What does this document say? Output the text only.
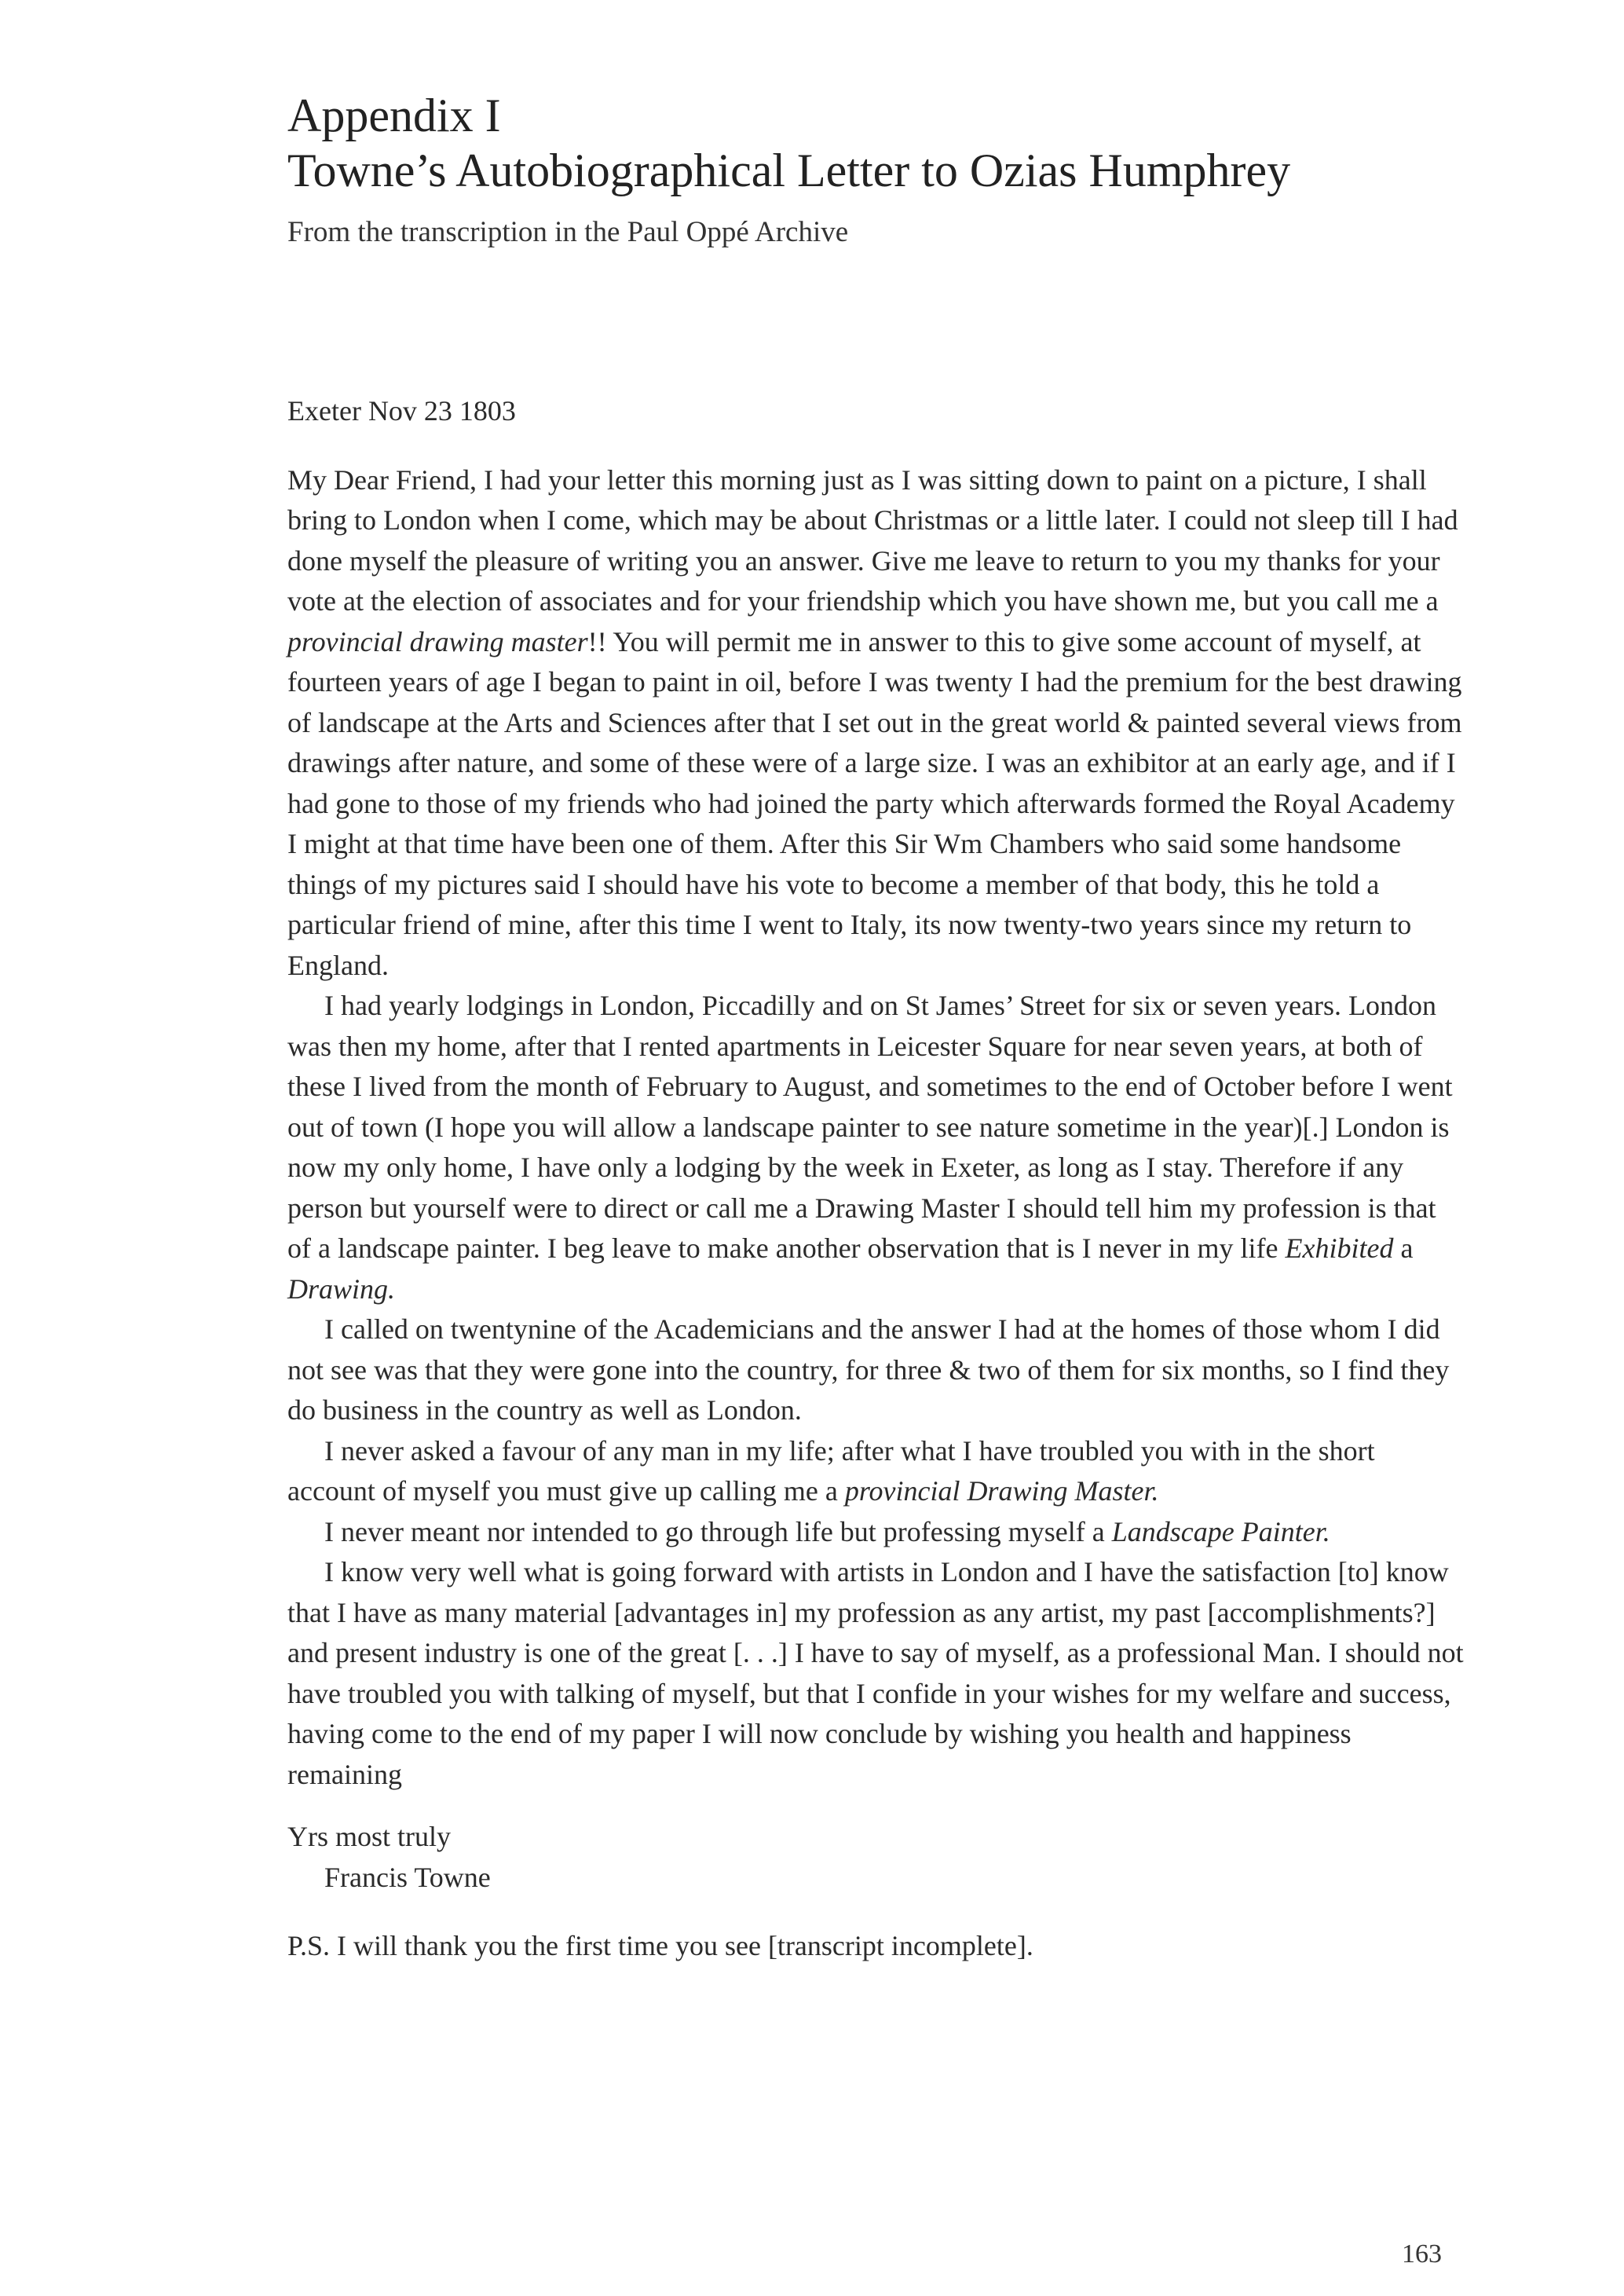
Appendix I
Towne’s Autobiographical Letter to Ozias Humphrey
From the transcription in the Paul Oppé Archive
Exeter Nov 23 1803

My Dear Friend, I had your letter this morning just as I was sitting down to paint on a picture, I shall bring to London when I come, which may be about Christmas or a little later. I could not sleep till I had done myself the pleasure of writing you an answer. Give me leave to return to you my thanks for your vote at the election of associates and for your friendship which you have shown me, but you call me a provincial drawing master!! You will permit me in answer to this to give some account of myself, at fourteen years of age I began to paint in oil, before I was twenty I had the premium for the best drawing of landscape at the Arts and Sciences after that I set out in the great world & painted several views from drawings after nature, and some of these were of a large size. I was an exhibitor at an early age, and if I had gone to those of my friends who had joined the party which afterwards formed the Royal Academy I might at that time have been one of them. After this Sir Wm Chambers who said some handsome things of my pictures said I should have his vote to become a member of that body, this he told a particular friend of mine, after this time I went to Italy, its now twenty-two years since my return to England.

I had yearly lodgings in London, Piccadilly and on St James’ Street for six or seven years. London was then my home, after that I rented apartments in Leicester Square for near seven years, at both of these I lived from the month of February to August, and sometimes to the end of October before I went out of town (I hope you will allow a landscape painter to see nature sometime in the year)[.] London is now my only home, I have only a lodging by the week in Exeter, as long as I stay. Therefore if any person but yourself were to direct or call me a Drawing Master I should tell him my profession is that of a landscape painter. I beg leave to make another observation that is I never in my life Exhibited a Drawing.

I called on twentynine of the Academicians and the answer I had at the homes of those whom I did not see was that they were gone into the country, for three & two of them for six months, so I find they do business in the country as well as London.

I never asked a favour of any man in my life; after what I have troubled you with in the short account of myself you must give up calling me a provincial Drawing Master.

I never meant nor intended to go through life but professing myself a Landscape Painter.

I know very well what is going forward with artists in London and I have the satisfaction [to] know that I have as many material [advantages in] my profession as any artist, my past [accomplishments?] and present industry is one of the great [. . .] I have to say of myself, as a professional Man. I should not have troubled you with talking of myself, but that I confide in your wishes for my welfare and success, having come to the end of my paper I will now conclude by wishing you health and happiness remaining

Yrs most truly
Francis Towne
P.S. I will thank you the first time you see [transcript incomplete].
163
